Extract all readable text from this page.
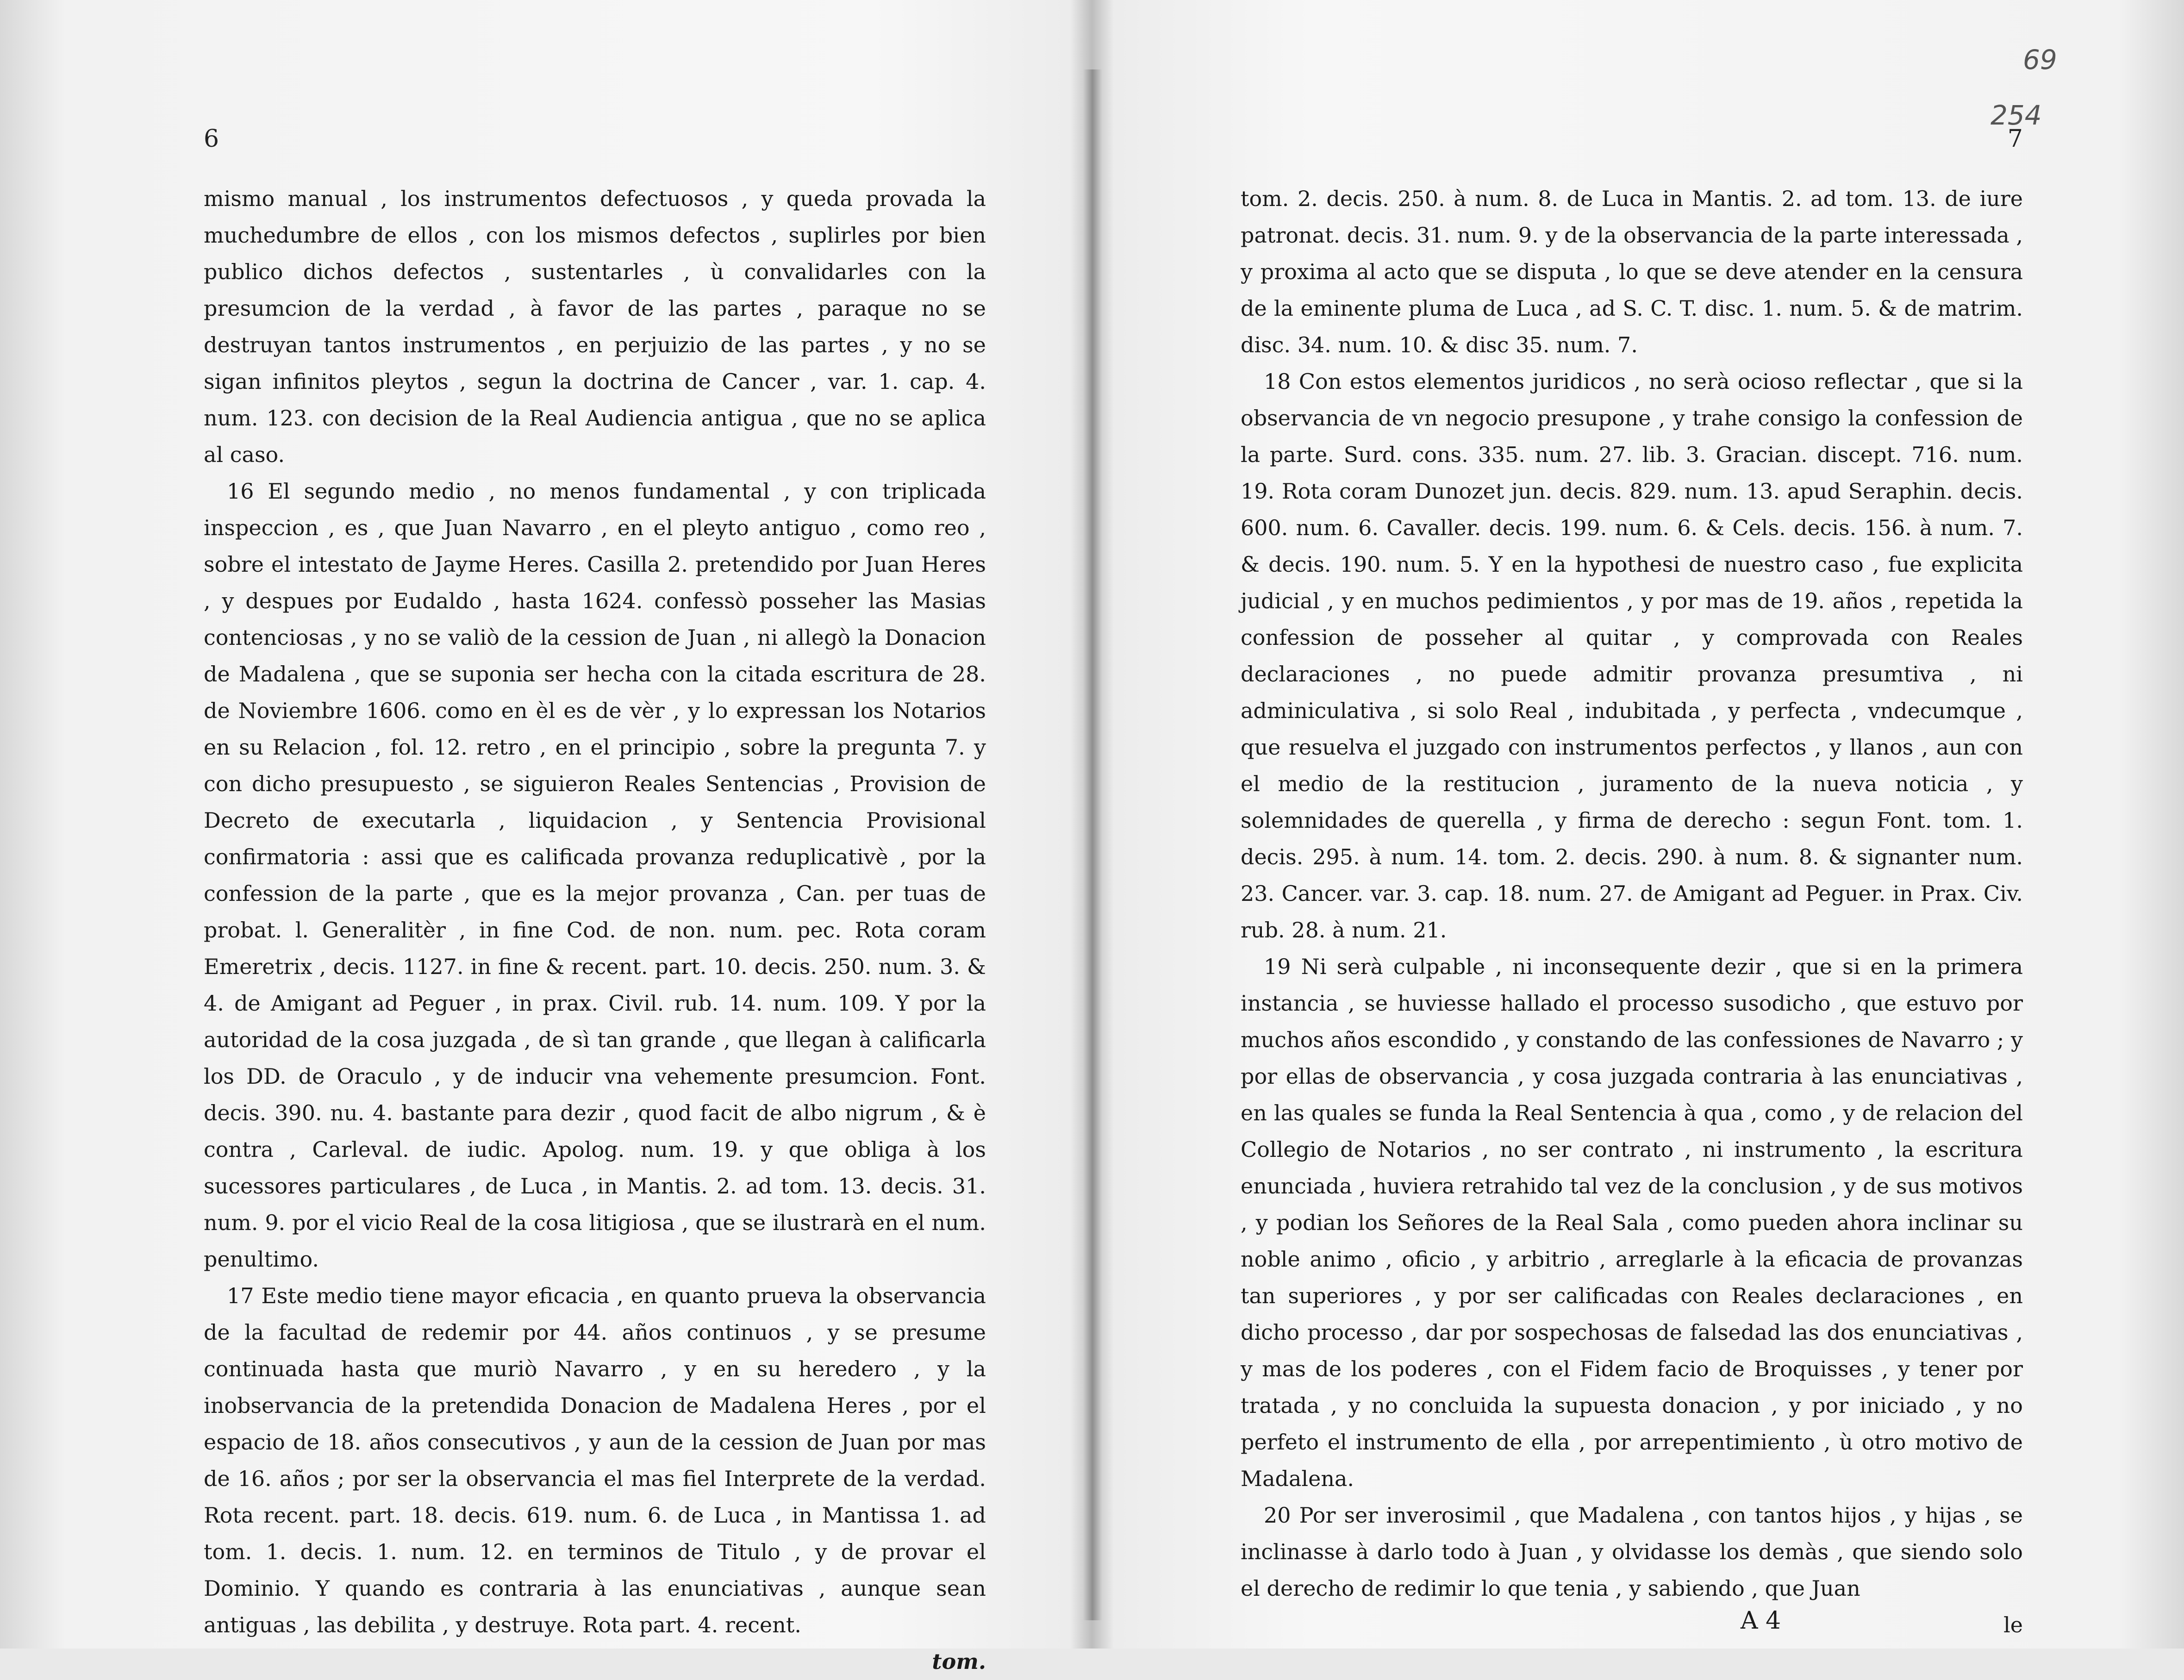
69
254
6

mismo manual , los instrumentos defectuosos , y queda provada la muchedumbre de ellos , con los mismos defectos , suplirles por bien publico dichos defectos , sustentarles , ù convalidarles con la presumcion de la verdad , à favor de las partes , paraque no se destruyan tantos instrumentos , en perjuizio de las partes , y no se sigan infinitos pleytos , segun la doctrina de Cancer , var. 1. cap. 4. num. 123. con decision de la Real Audiencia antigua , que no se aplica al caso.

16 El segundo medio , no menos fundamental , y con triplicada inspeccion , es , que Juan Navarro , en el pleyto antiguo , como reo , sobre el intestato de Jayme Heres. Casilla 2. pretendido por Juan Heres , y despues por Eudaldo , hasta 1624. confessò posseher las Masias contenciosas , y no se valiò de la cession de Juan , ni allegò la Donacion de Madalena , que se suponia ser hecha con la citada escritura de 28. de Noviembre 1606. como en èl es de vèr , y lo expressan los Notarios en su Relacion , fol. 12. retro , en el principio , sobre la pregunta 7. y con dicho presupuesto , se siguieron Reales Sentencias , Provision de Decreto de executarla , liquidacion , y Sentencia Provisional confirmatoria : assi que es calificada provanza reduplicativè , por la confession de la parte , que es la mejor provanza , Can. per tuas de probat. l. Generalitèr , in fine Cod. de non. num. pec. Rota coram Emeretrix , decis. 1127. in fine & recent. part. 10. decis. 250. num. 3. & 4. de Amigant ad Peguer , in prax. Civil. rub. 14. num. 109. Y por la autoridad de la cosa juzgada , de sì tan grande , que llegan à calificarla los DD. de Oraculo , y de inducir vna vehemente presumcion. Font. decis. 390. nu. 4. bastante para dezir , quod facit de albo nigrum , & è contra , Carleval. de iudic. Apolog. num. 19. y que obliga à los sucessores particulares , de Luca , in Mantis. 2. ad tom. 13. decis. 31. num. 9. por el vicio Real de la cosa litigiosa , que se ilustrarà en el num. penultimo.

17 Este medio tiene mayor eficacia , en quanto prueva la observancia de la facultad de redemir por 44. años continuos , y se presume continuada hasta que muriò Navarro , y en su heredero , y la inobservancia de la pretendida Donacion de Madalena Heres , por el espacio de 18. años consecutivos , y aun de la cession de Juan por mas de 16. años ; por ser la observancia el mas fiel Interprete de la verdad. Rota recent. part. 18. decis. 619. num. 6. de Luca , in Mantissa 1. ad tom. 1. decis. 1. num. 12. en terminos de Titulo , y de provar el Dominio. Y quando es contraria à las enunciativas , aunque sean antiguas , las debilita , y destruye. Rota part. 4. recent.

tom.
7

tom. 2. decis. 250. à num. 8. de Luca in Mantis. 2. ad tom. 13. de iure patronat. decis. 31. num. 9. y de la observancia de la parte interessada , y proxima al acto que se disputa , lo que se deve atender en la censura de la eminente pluma de Luca , ad S. C. T. disc. 1. num. 5. & de matrim. disc. 34. num. 10. & disc 35. num. 7.

18 Con estos elementos juridicos , no serà ocioso reflectar , que si la observancia de vn negocio presupone , y trahe consigo la confession de la parte. Surd. cons. 335. num. 27. lib. 3. Gracian. discept. 716. num. 19. Rota coram Dunozet jun. decis. 829. num. 13. apud Seraphin. decis. 600. num. 6. Cavaller. decis. 199. num. 6. & Cels. decis. 156. à num. 7. & decis. 190. num. 5. Y en la hypothesi de nuestro caso , fue explicita judicial , y en muchos pedimientos , y por mas de 19. años , repetida la confession de posseher al quitar , y comprovada con Reales declaraciones , no puede admitir provanza presumtiva , ni adminiculativa , si solo Real , indubitada , y perfecta , vndecumque , que resuelva el juzgado con instrumentos perfectos , y llanos , aun con el medio de la restitucion , juramento de la nueva noticia , y solemnidades de querella , y firma de derecho : segun Font. tom. 1. decis. 295. à num. 14. tom. 2. decis. 290. à num. 8. & signanter num. 23. Cancer. var. 3. cap. 18. num. 27. de Amigant ad Peguer. in Prax. Civ. rub. 28. à num. 21.

19 Ni serà culpable , ni inconsequente dezir , que si en la primera instancia , se huviesse hallado el processo susodicho , que estuvo por muchos años escondido , y constando de las confessiones de Navarro ; y por ellas de observancia , y cosa juzgada contraria à las enunciativas , en las quales se funda la Real Sentencia à qua , como , y de relacion del Collegio de Notarios , no ser contrato , ni instrumento , la escritura enunciada , huviera retrahido tal vez de la conclusion , y de sus motivos , y podian los Señores de la Real Sala , como pueden ahora inclinar su noble animo , oficio , y arbitrio , arreglarle à la eficacia de provanzas tan superiores , y por ser calificadas con Reales declaraciones , en dicho processo , dar por sospechosas de falsedad las dos enunciativas , y mas de los poderes , con el Fidem facio de Broquisses , y tener por tratada , y no concluida la supuesta donacion , y por iniciado , y no perfeto el instrumento de ella , por arrepentimiento , ù otro motivo de Madalena.

20 Por ser inverosimil , que Madalena , con tantos hijos , y hijas , se inclinasse à darlo todo à Juan , y olvidasse los demàs , que siendo solo el derecho de redimir lo que tenia , y sabiendo , que Juan

A 4	le
